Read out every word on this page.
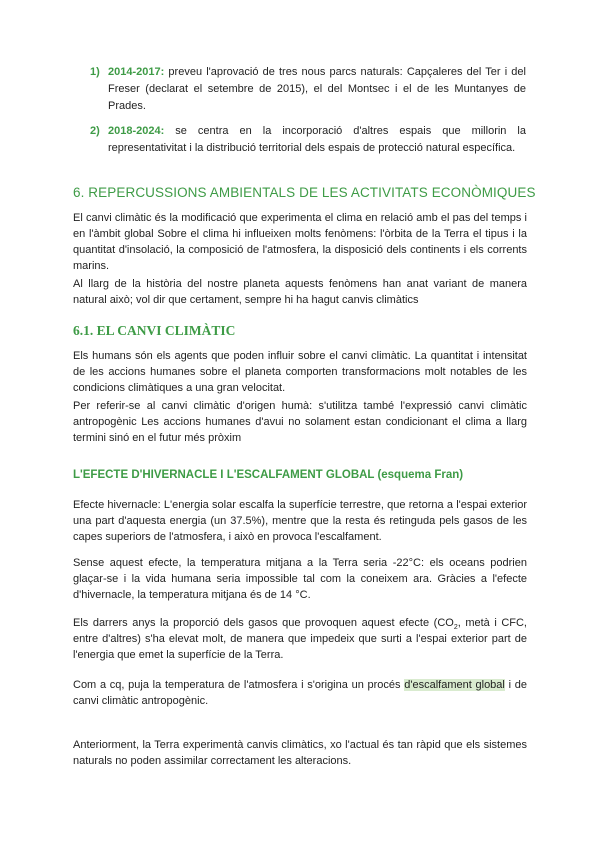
1) 2014-2017: preveu l'aprovació de tres nous parcs naturals: Capçaleres del Ter i del Freser (declarat el setembre de 2015), el del Montsec i el de les Muntanyes de Prades.
2) 2018-2024: se centra en la incorporació d'altres espais que millorin la representativitat i la distribució territorial dels espais de protecció natural específica.
6. REPERCUSSIONS AMBIENTALS DE LES ACTIVITATS ECONÒMIQUES

El canvi climàtic és la modificació que experimenta el clima en relació amb el pas del temps i en l'àmbit global Sobre el clima hi influeixen molts fenòmens: l'òrbita de la Terra el tipus i la quantitat d'insolació, la composició de l'atmosfera, la disposició dels continents i els corrents marins.

Al llarg de la història del nostre planeta aquests fenòmens han anat variant de manera natural això; vol dir que certament, sempre hi ha hagut canvis climàtics

6.1. EL CANVI CLIMÀTIC

Els humans són els agents que poden influir sobre el canvi climàtic. La quantitat i intensitat de les accions humanes sobre el planeta comporten transformacions molt notables de les condicions climàtiques a una gran velocitat.

Per referir-se al canvi climàtic d'origen humà: s'utilitza també l'expressió canvi climàtic antropogènic Les accions humanes d'avui no solament estan condicionant el clima a llarg termini sinó en el futur més pròxim

L'EFECTE D'HIVERNACLE I L'ESCALFAMENT GLOBAL (esquema Fran)

Efecte hivernacle: L'energia solar escalfa la superfície terrestre, que retorna a l'espai exterior una part d'aquesta energia (un 37.5%), mentre que la resta és retinguda pels gasos de les capes superiors de l'atmosfera, i això en provoca l'escalfament.

Sense aquest efecte, la temperatura mitjana a la Terra seria -22°C: els oceans podrien glaçar-se i la vida humana seria impossible tal com la coneixem ara. Gràcies a l'efecte d'hivernacle, la temperatura mitjana és de 14 °C.

Els darrers anys la proporció dels gasos que provoquen aquest efecte ($CO_2$, metà i CFC, entre d'altres) s'ha elevat molt, de manera que impedeix que surti a l'espai exterior part de l'energia que emet la superfície de la Terra.

Com a cq, puja la temperatura de l'atmosfera i s'origina un procés d'escalfament global i de canvi climàtic antropogènic.

Anteriorment, la Terra experimentà canvis climàtics, xo l'actual és tan ràpid que els sistemes naturals no poden assimilar correctament les alteracions.
